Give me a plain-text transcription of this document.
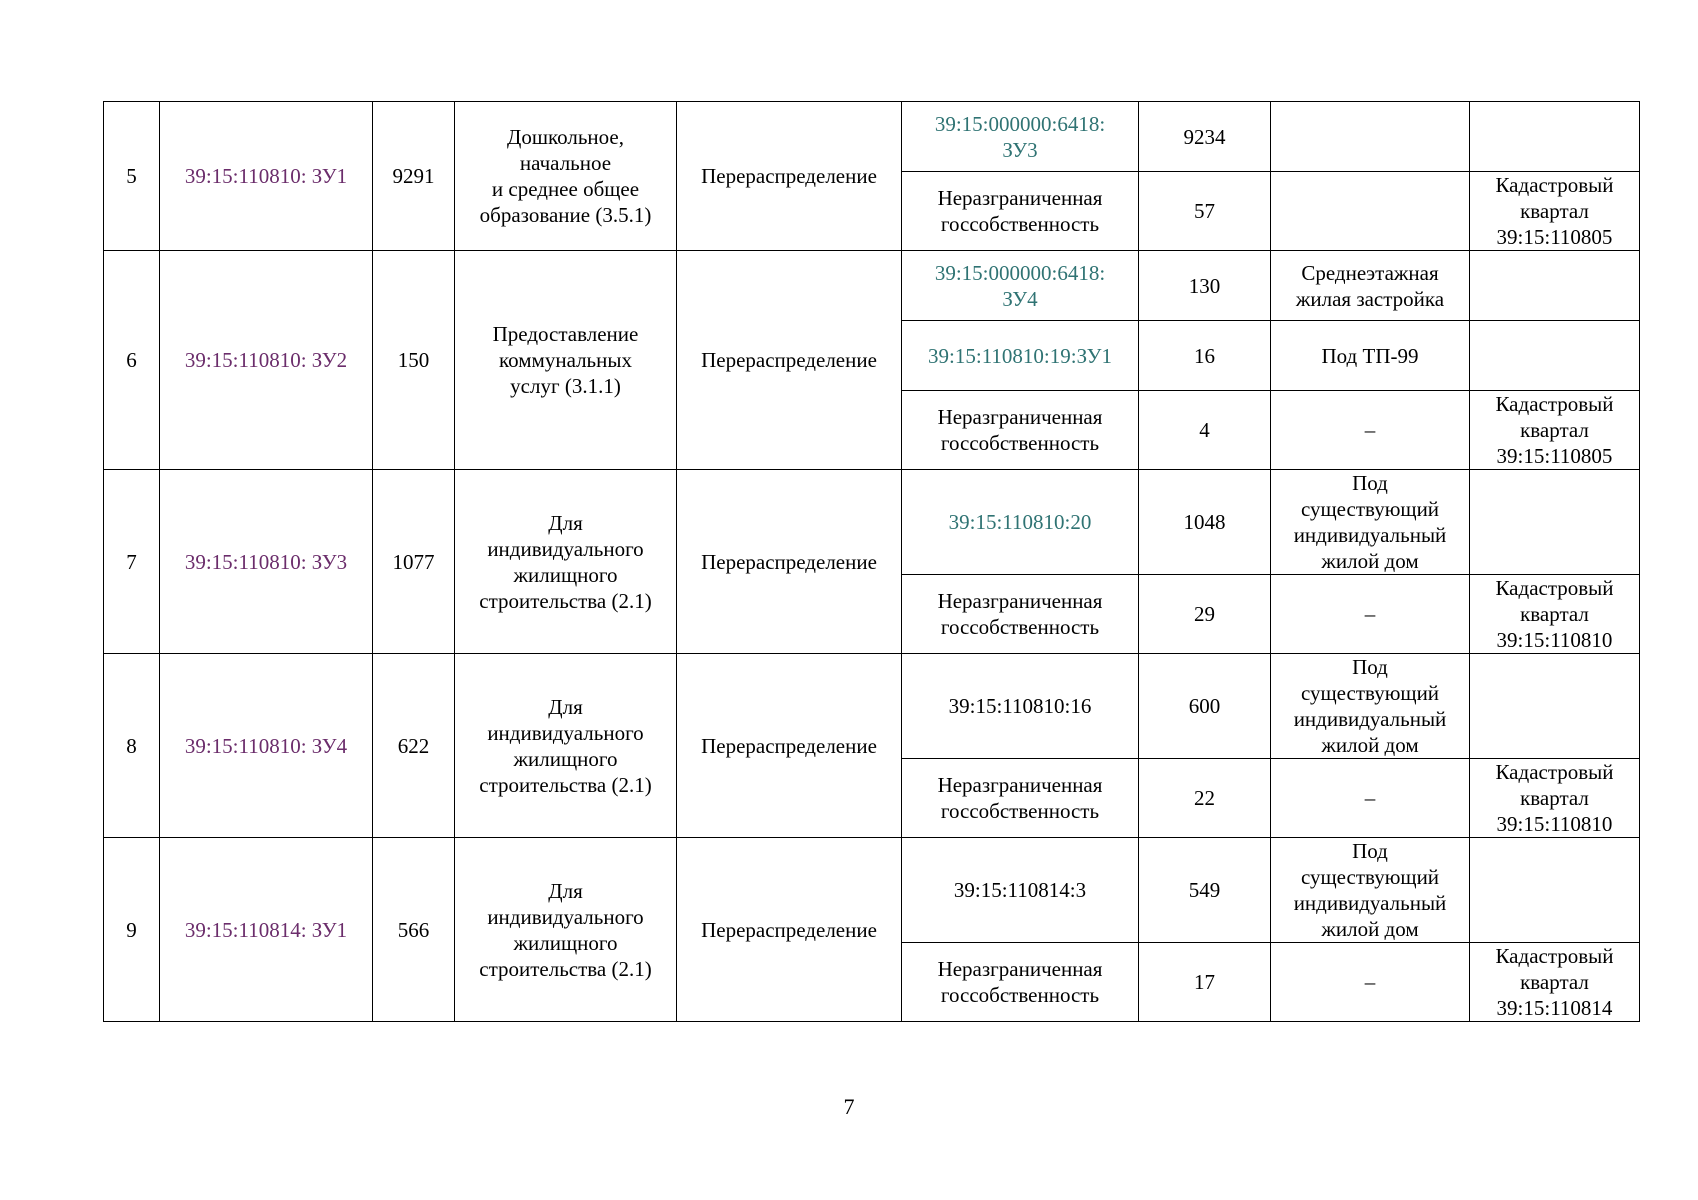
5	39:15:110810: ЗУ1	9291	Дошкольное,
начальное
и среднее общее
образование (3.5.1)	Перераспределение	39:15:000000:6418:
ЗУ3	9234		
					Неразграниченная
госсобственность	57		Кадастровый
квартал
39:15:110805
6	39:15:110810: ЗУ2	150	Предоставление
коммунальных
услуг (3.1.1)	Перераспределение	39:15:000000:6418:
ЗУ4	130	Среднеэтажная
жилая застройка	
					39:15:110810:19:ЗУ1	16	Под ТП-99	
					Неразграниченная
госсобственность	4	–	Кадастровый
квартал
39:15:110805
7	39:15:110810: ЗУ3	1077	Для
индивидуального
жилищного
строительства (2.1)	Перераспределение	39:15:110810:20	1048	Под
существующий
индивидуальный
жилой дом	
					Неразграниченная
госсобственность	29	–	Кадастровый
квартал
39:15:110810
8	39:15:110810: ЗУ4	622	Для
индивидуального
жилищного
строительства (2.1)	Перераспределение	39:15:110810:16	600	Под
существующий
индивидуальный
жилой дом	
					Неразграниченная
госсобственность	22	–	Кадастровый
квартал
39:15:110810
9	39:15:110814: ЗУ1	566	Для
индивидуального
жилищного
строительства (2.1)	Перераспределение	39:15:110814:3	549	Под
существующий
индивидуальный
жилой дом	
					Неразграниченная
госсобственность	17	–	Кадастровый
квартал
39:15:110814
7
